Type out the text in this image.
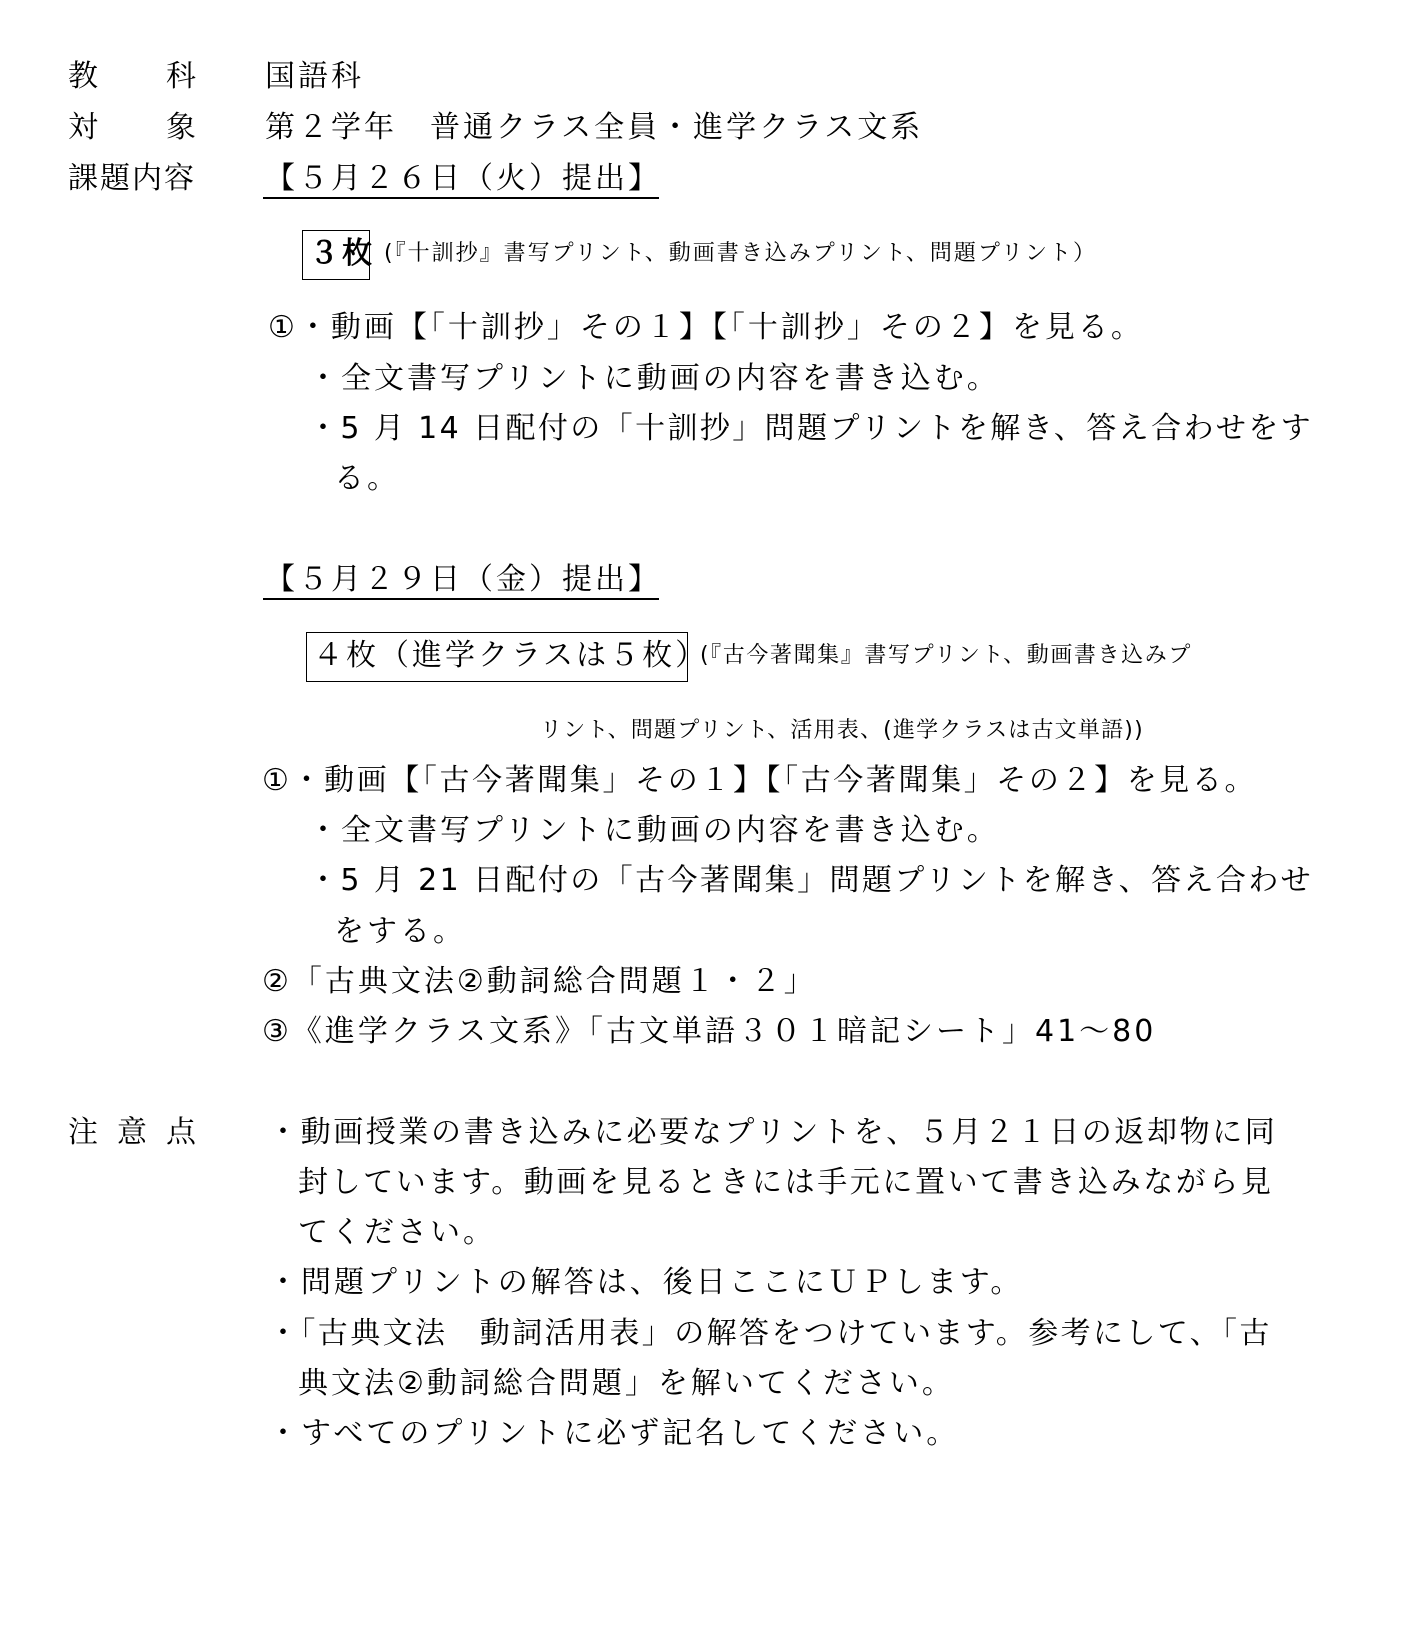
教 科
対 象
課題内容
国語科
第２学年　普通クラス全員・進学クラス文系
【５月２６日（火）提出】
３枚 (『十訓抄』書写プリント、動画書き込みプリント、問題プリント）
①・動画【「十訓抄」その１】【「十訓抄」その２】を見る。
・全文書写プリントに動画の内容を書き込む。
・5 月 14 日配付の「十訓抄」問題プリントを解き、答え合わせをす
る。
【５月２９日（金）提出】
４枚（進学クラスは５枚）
(『古今著聞集』書写プリント、動画書き込みプ
リント、問題プリント、活用表、(進学クラスは古文単語))
①・動画【「古今著聞集」その１】【「古今著聞集」その２】を見る。
・全文書写プリントに動画の内容を書き込む。
・5 月 21 日配付の「古今著聞集」問題プリントを解き、答え合わせ
をする。
②「古典文法②動詞総合問題１・２」
③《進学クラス文系》「古文単語３０１暗記シート」41～80
注 意 点 ・動画授業の書き込みに必要なプリントを、５月２１日の返却物に同
封しています。動画を見るときには手元に置いて書き込みながら見
てください。
・問題プリントの解答は、後日ここにＵＰします。
・「古典文法　動詞活用表」の解答をつけています。参考にして、「古
典文法②動詞総合問題」を解いてください。
・すべてのプリントに必ず記名してください。
